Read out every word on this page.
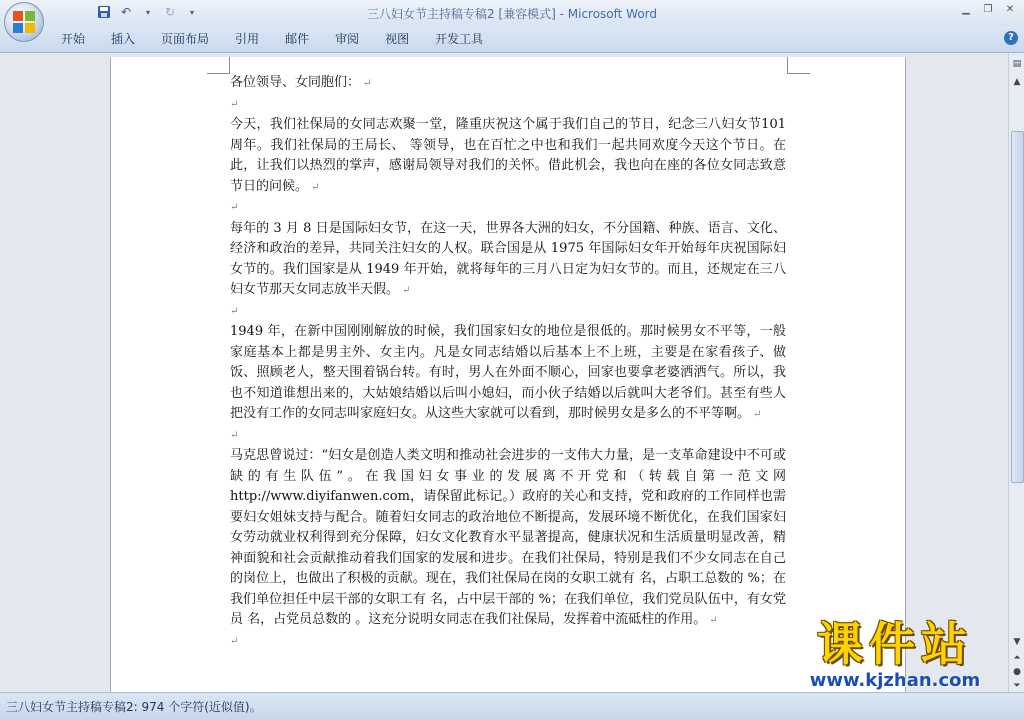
↶	▾	↻	▾	三八妇女节主持稿专稿2 [兼容模式] - Microsoft Word	▁	❐	✕
开始	插入	页面布局	引用	邮件	审阅	视图	开发工具	?

各位领导、女同胞们： ↵

↵

今天，我们社保局的女同志欢聚一堂，隆重庆祝这个属于我们自己的节日，纪念三八妇女节101 周年。我们社保局的王局长、 等领导，也在百忙之中也和我们一起共同欢度今天这个节日。在此，让我们以热烈的掌声，感谢局领导对我们的关怀。借此机会，我也向在座的各位女同志致意节日的问候。 ↵

↵

每年的 3 月 8 日是国际妇女节，在这一天，世界各大洲的妇女，不分国籍、种族、语言、文化、经济和政治的差异，共同关注妇女的人权。联合国是从 1975 年国际妇女年开始每年庆祝国际妇女节的。我们国家是从 1949 年开始，就将每年的三月八日定为妇女节的。而且，还规定在三八妇女节那天女同志放半天假。 ↵

↵

1949 年，在新中国刚刚解放的时候，我们国家妇女的地位是很低的。那时候男女不平等，一般家庭基本上都是男主外、女主内。凡是女同志结婚以后基本上不上班，主要是在家看孩子、做饭、照顾老人，整天围着锅台转。有时，男人在外面不顺心，回家也要拿老婆洒洒气。所以，我也不知道谁想出来的，大姑娘结婚以后叫小媳妇，而小伙子结婚以后就叫大老爷们。甚至有些人把没有工作的女同志叫家庭妇女。从这些大家就可以看到，那时候男女是多么的不平等啊。 ↵

↵

马克思曾说过：“妇女是创造人类文明和推动社会进步的一支伟大力量，是一支革命建设中不可或缺的有生队伍”。在我国妇女事业的发展离不开党和（转载自第一范文网http://www.diyifanwen.com，请保留此标记。）政府的关心和支持，党和政府的工作同样也需要妇女姐妹支持与配合。随着妇女同志的政治地位不断提高，发展环境不断优化，在我们国家妇女劳动就业权利得到充分保障，妇女文化教育水平显著提高，健康状况和生活质量明显改善，精神面貌和社会贡献推动着我们国家的发展和进步。在我们社保局，特别是我们不少女同志在自己的岗位上，也做出了积极的贡献。现在，我们社保局在岗的女职工就有 名，占职工总数的 %；在我们单位担任中层干部的女职工有 名，占中层干部的 %；在我们单位，我们党员队伍中，有女党员 名，占党员总数的 。这充分说明女同志在我们社保局，发挥着中流砥柱的作用。 ↵

↵

▤
▲
▼
⏶
●
⏷
三八妇女节主持稿专稿2: 974 个字符(近似值)。
课件站
www.kjzhan.com
